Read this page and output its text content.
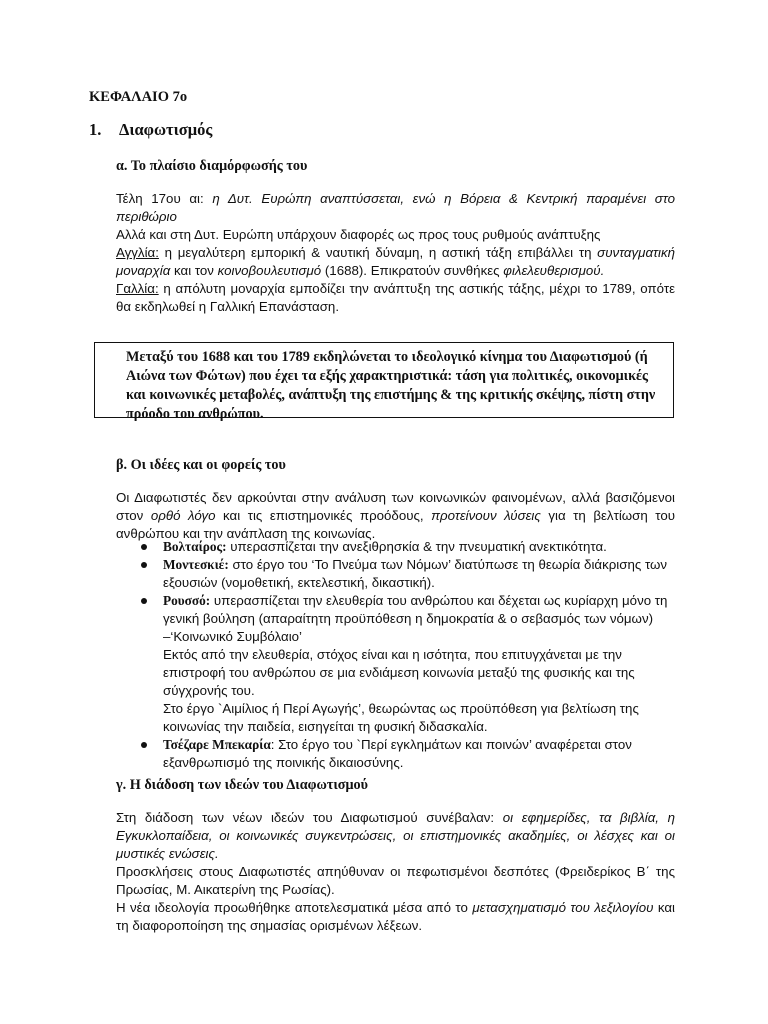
ΚΕΦΑΛΑΙΟ 7ο
1. Διαφωτισμός
α. Το πλαίσιο διαμόρφωσής του

Τέλη 17ου αι: η Δυτ. Ευρώπη αναπτύσσεται, ενώ η Βόρεια & Κεντρική παραμένει στο περιθώριο

Αλλά και στη Δυτ. Ευρώπη υπάρχουν διαφορές ως προς τους ρυθμούς ανάπτυξης

Αγγλία: η μεγαλύτερη εμπορική & ναυτική δύναμη, η αστική τάξη επιβάλλει τη συνταγματική μοναρχία και τον κοινοβουλευτισμό (1688). Επικρατούν συνθήκες φιλελευθερισμού.

Γαλλία: η απόλυτη μοναρχία εμποδίζει την ανάπτυξη της αστικής τάξης, μέχρι το 1789, οπότε θα εκδηλωθεί η Γαλλική Επανάσταση.

Μεταξύ του 1688 και του 1789 εκδηλώνεται το ιδεολογικό κίνημα του Διαφωτισμού (ή Αιώνα των Φώτων) που έχει τα εξής χαρακτηριστικά: τάση για πολιτικές, οικονομικές και κοινωνικές μεταβολές, ανάπτυξη της επιστήμης & της κριτικής σκέψης, πίστη στην πρόοδο του ανθρώπου.
β. Οι ιδέες και οι φορείς του

Οι Διαφωτιστές δεν αρκούνται στην ανάλυση των κοινωνικών φαινομένων, αλλά βασιζόμενοι στον ορθό λόγο και τις επιστημονικές προόδους, προτείνουν λύσεις για τη βελτίωση του ανθρώπου και την ανάπλαση της κοινωνίας.

Βολταίρος: υπερασπίζεται την ανεξιθρησκία & την πνευματική ανεκτικότητα.
Μοντεσκιέ: στο έργο του ‘Το Πνεύμα των Νόμων’ διατύπωσε τη θεωρία διάκρισης των εξουσιών (νομοθετική, εκτελεστική, δικαστική).
Ρουσσό: υπερασπίζεται την ελευθερία του ανθρώπου και δέχεται ως κυρίαρχη μόνο τη γενική βούληση (απαραίτητη προϋπόθεση η δημοκρατία & ο σεβασμός των νόμων) –‘Κοινωνικό Συμβόλαιο’
Εκτός από την ελευθερία, στόχος είναι και η ισότητα, που επιτυγχάνεται με την επιστροφή του ανθρώπου σε μια ενδιάμεση κοινωνία μεταξύ της φυσικής και της σύγχρονής του.
Στο έργο `Αιμίλιος ή Περί Αγωγής’, θεωρώντας ως προϋπόθεση για βελτίωση της κοινωνίας την παιδεία, εισηγείται τη φυσική διδασκαλία.
Τσέζαρε Μπεκαρία: Στο έργο του `Περί εγκλημάτων και ποινών’ αναφέρεται στον εξανθρωπισμό της ποινικής δικαιοσύνης.
γ. Η διάδοση των ιδεών του Διαφωτισμού

Στη διάδοση των νέων ιδεών του Διαφωτισμού συνέβαλαν: οι εφημερίδες, τα βιβλία, η Εγκυκλοπαίδεια, οι κοινωνικές συγκεντρώσεις, οι επιστημονικές ακαδημίες, οι λέσχες και οι μυστικές ενώσεις.

Προσκλήσεις στους Διαφωτιστές απηύθυναν οι πεφωτισμένοι δεσπότες (Φρειδερίκος Β΄ της Πρωσίας, Μ. Αικατερίνη της Ρωσίας).

Η νέα ιδεολογία προωθήθηκε αποτελεσματικά μέσα από το μετασχηματισμό του λεξιλογίου και τη διαφοροποίηση της σημασίας ορισμένων λέξεων.
